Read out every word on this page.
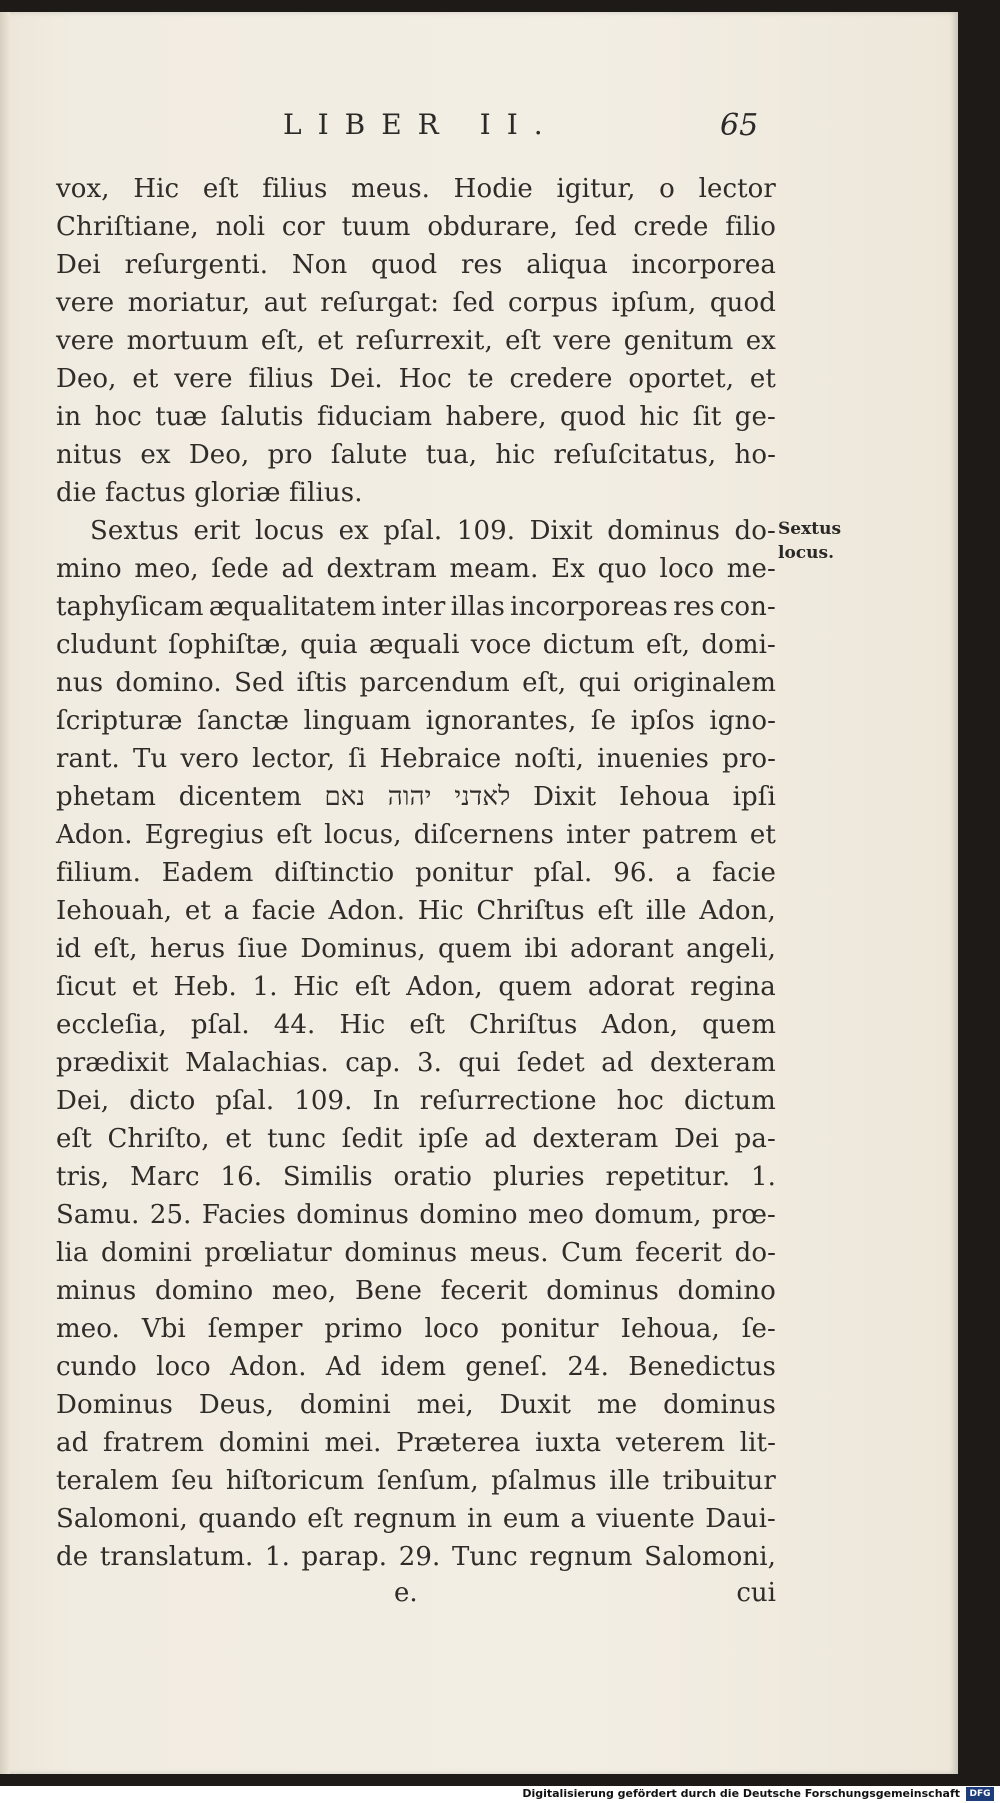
LIBER II.	65
vox, Hic eſt filius meus. Hodie igitur, o lector
Chriſtiane, noli cor tuum obdurare, ſed crede filio
Dei reſurgenti. Non quod res aliqua incorporea
vere moriatur, aut reſurgat: ſed corpus ipſum, quod
vere mortuum eſt, et reſurrexit, eſt vere genitum ex
Deo, et vere filius Dei. Hoc te credere oportet, et
in hoc tuæ ſalutis fiduciam habere, quod hic ſit ge-
nitus ex Deo, pro ſalute tua, hic reſuſcitatus, ho-
die factus gloriæ filius.
Sextus erit locus ex pſal. 109. Dixit dominus do-
mino meo, ſede ad dextram meam. Ex quo loco me-
taphyſicam æqualitatem inter illas incorporeas res con-
cludunt ſophiſtæ, quia æquali voce dictum eſt, domi-
nus domino. Sed iſtis parcendum eſt, qui originalem
ſcripturæ ſanctæ linguam ignorantes, ſe ipſos igno-
rant. Tu vero lector, ſi Hebraice noſti, inuenies pro-
phetam dicentem נאם יהוה לאדני Dixit Iehoua ipſi
Adon. Egregius eſt locus, diſcernens inter patrem et
filium. Eadem diſtinctio ponitur pſal. 96. a facie
Iehouah, et a facie Adon. Hic Chriſtus eſt ille Adon,
id eſt, herus ſiue Dominus, quem ibi adorant angeli,
ſicut et Heb. 1. Hic eſt Adon, quem adorat regina
eccleſia, pſal. 44. Hic eſt Chriſtus Adon, quem
prædixit Malachias. cap. 3. qui ſedet ad dexteram
Dei, dicto pſal. 109. In reſurrectione hoc dictum
eſt Chriſto, et tunc ſedit ipſe ad dexteram Dei pa-
tris, Marc 16. Similis oratio pluries repetitur. 1.
Samu. 25. Facies dominus domino meo domum, prœ-
lia domini prœliatur dominus meus. Cum fecerit do-
minus domino meo, Bene fecerit dominus domino
meo. Vbi ſemper primo loco ponitur Iehoua, ſe-
cundo loco Adon. Ad idem geneſ. 24. Benedictus
Dominus Deus, domini mei, Duxit me dominus
ad fratrem domini mei. Præterea iuxta veterem lit-
teralem ſeu hiſtoricum ſenſum, pſalmus ille tribuitur
Salomoni, quando eſt regnum in eum a viuente Daui-
de translatum. 1. parap. 29. Tunc regnum Salomoni,
Sextus
locus.
e.	cui
Digitalisierung gefördert durch die Deutsche Forschungsgemeinschaft	DFG
